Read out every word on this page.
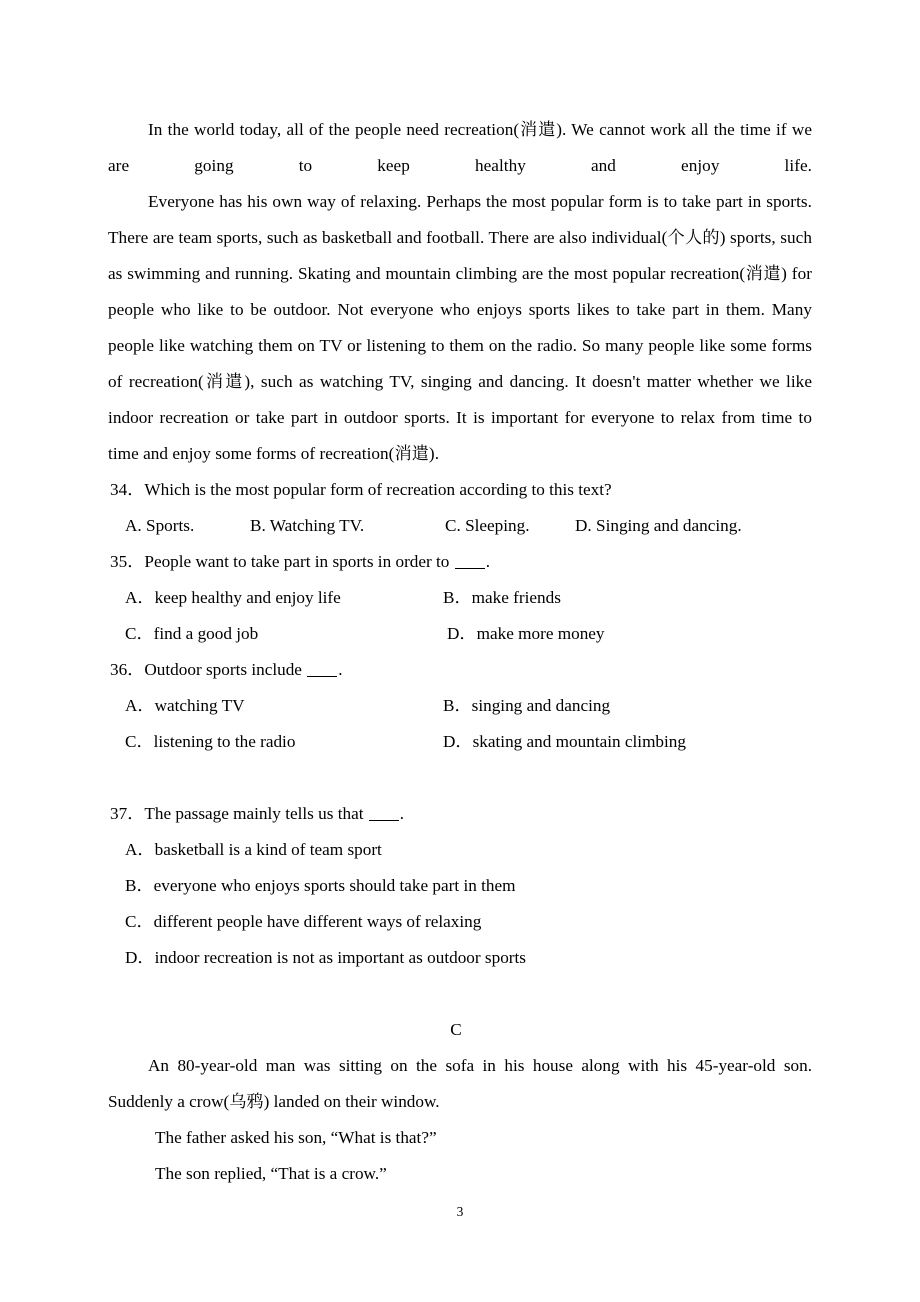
In the world today, all of the people need recreation(消遣). We cannot work all the time if we are going to keep healthy and enjoy life.

Everyone has his own way of relaxing. Perhaps the most popular form is to take part in sports. There are team sports, such as basketball and football. There are also individual(个人的) sports, such as swimming and running. Skating and mountain climbing are the most popular recreation(消遣) for people who like to be outdoor. Not everyone who enjoys sports likes to take part in them. Many people like watching them on TV or listening to them on the radio. So many people like some forms of recreation(消遣), such as watching TV, singing and dancing. It doesn't matter whether we like indoor recreation or take part in outdoor sports. It is important for everyone to relax from time to time and enjoy some forms of recreation(消遣).

34．Which is the most popular form of recreation according to this text?

A. Sports.	B. Watching TV.	C. Sleeping.	D. Singing and dancing.

35．People want to take part in sports in order to .

A．keep healthy and enjoy life	B．make friends
C．find a good job	D．make more money

36．Outdoor sports include .

A．watching TV	B．singing and dancing
C．listening to the radio	D．skating and mountain climbing

37．The passage mainly tells us that .

A．basketball is a kind of team sport
B．everyone who enjoys sports should take part in them
C．different people have different ways of relaxing
D．indoor recreation is not as important as outdoor sports

C

An 80-year-old man was sitting on the sofa in his house along with his 45-year-old son. Suddenly a crow(乌鸦) landed on their window.

The father asked his son, “What is that?”

The son replied, “That is a crow.”

3
